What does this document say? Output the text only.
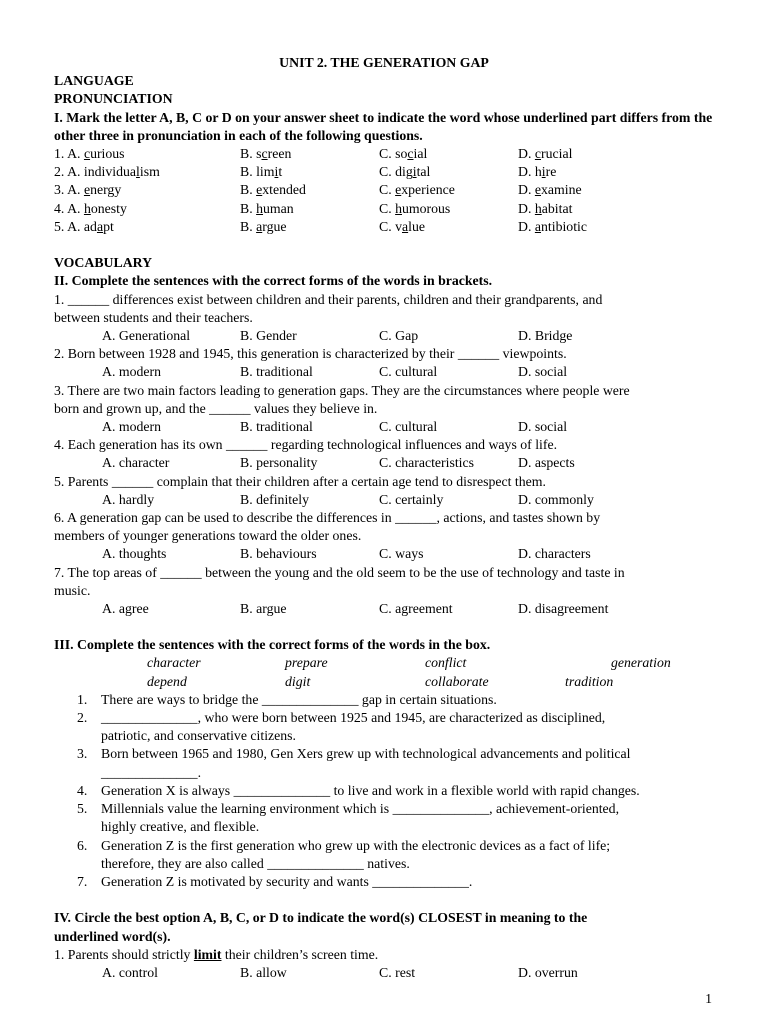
UNIT 2. THE GENERATION GAP
LANGUAGE
PRONUNCIATION
I. Mark the letter A, B, C or D on your answer sheet to indicate the word whose underlined part differs from the other three in pronunciation in each of the following questions.
1. A. curious	B. screen	C. social	D. crucial
2. A. individualism	B. limit	C. digital	D. hire
3. A. energy	B. extended	C. experience	D. examine
4. A. honesty	B. human	C. humorous	D. habitat
5. A. adapt	B. argue	C. value	D. antibiotic
VOCABULARY
II. Complete the sentences with the correct forms of the words in brackets.
1. ______ differences exist between children and their parents, children and their grandparents, and
between students and their teachers.
A. Generational	B. Gender	C. Gap	D. Bridge
2. Born between 1928 and 1945, this generation is characterized by their ______ viewpoints.
A. modern	B. traditional	C. cultural	D. social
3. There are two main factors leading to generation gaps. They are the circumstances where people were
born and grown up, and the ______ values they believe in.
A. modern	B. traditional	C. cultural	D. social
4. Each generation has its own ______ regarding technological influences and ways of life.
A. character	B. personality	C. characteristics	D. aspects
5. Parents ______ complain that their children after a certain age tend to disrespect them.
A. hardly	B. definitely	C. certainly	D. commonly
6. A generation gap can be used to describe the differences in ______, actions, and tastes shown by
members of younger generations toward the older ones.
A. thoughts	B. behaviours	C. ways	D. characters
7. The top areas of ______ between the young and the old seem to be the use of technology and taste in
music.
A. agree	B. argue	C. agreement	D. disagreement
III. Complete the sentences with the correct forms of the words in the box.
character	prepare	conflict	generation
depend	digit	collaborate	tradition
1. There are ways to bridge the ______________ gap in certain situations.
2. ______________, who were born between 1925 and 1945, are characterized as disciplined,
patriotic, and conservative citizens.
3. Born between 1965 and 1980, Gen Xers grew up with technological advancements and political
______________.
4. Generation X is always ______________ to live and work in a flexible world with rapid changes.
5. Millennials value the learning environment which is ______________, achievement-oriented,
highly creative, and flexible.
6. Generation Z is the first generation who grew up with the electronic devices as a fact of life;
therefore, they are also called ______________ natives.
7. Generation Z is motivated by security and wants ______________.
IV. Circle the best option A, B, C, or D to indicate the word(s) CLOSEST in meaning to the
underlined word(s).
1. Parents should strictly limit their children’s screen time.
A. control	B. allow	C. rest	D. overrun
1
